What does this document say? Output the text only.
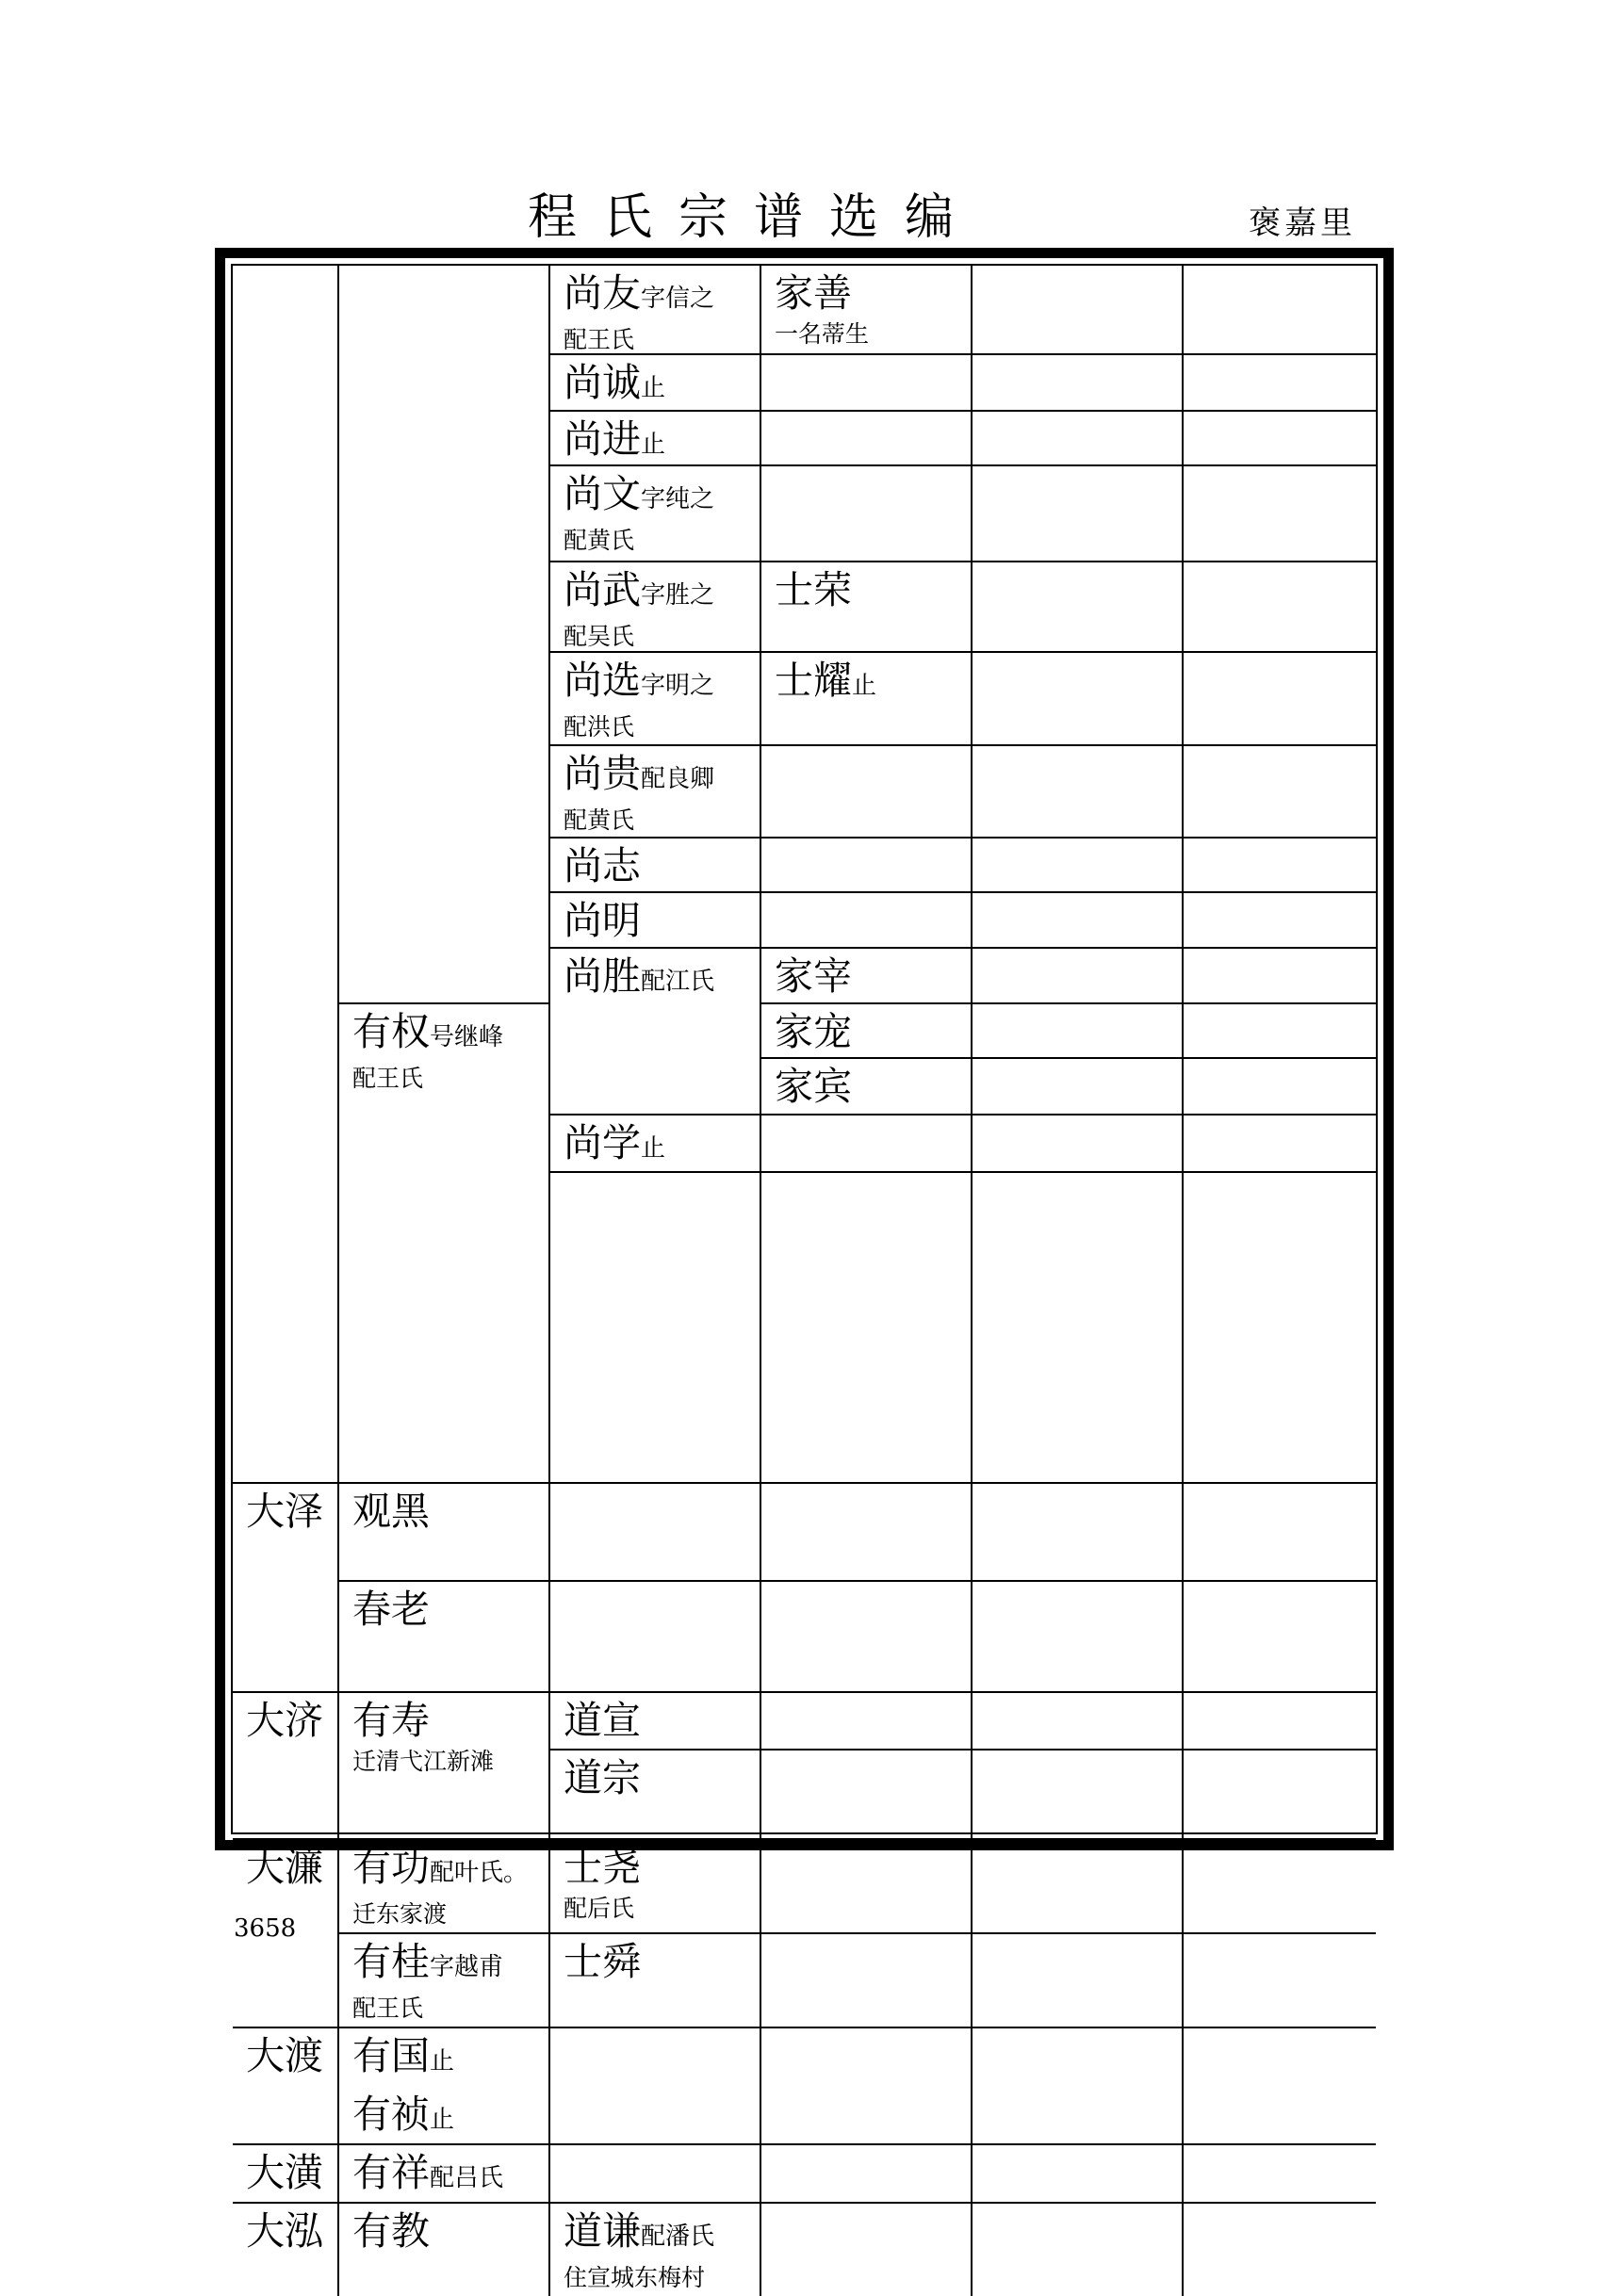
程氏宗谱选编	褒嘉里
大泽
大济
大濂
大渡
大潢
大泓
有权号继峰
配王氏
观黑
春老
有寿
迁清弋江新滩
有功配叶氏。
迁东家渡
有桂字越甫
配王氏
有国止
有祯止
有祥配吕氏
有教
尚友字信之
配王氏
尚诚止
尚进止
尚文字纯之
配黄氏
尚武字胜之
配吴氏
尚选字明之
配洪氏
尚贵配良卿
配黄氏
尚志
尚明
尚胜配江氏
尚学止
道宣
道宗
士尧
配后氏
士舜
道谦配潘氏
住宣城东梅村
家善
一名蒂生
士荣
士耀止
家宰
家宠
家宾
3658
